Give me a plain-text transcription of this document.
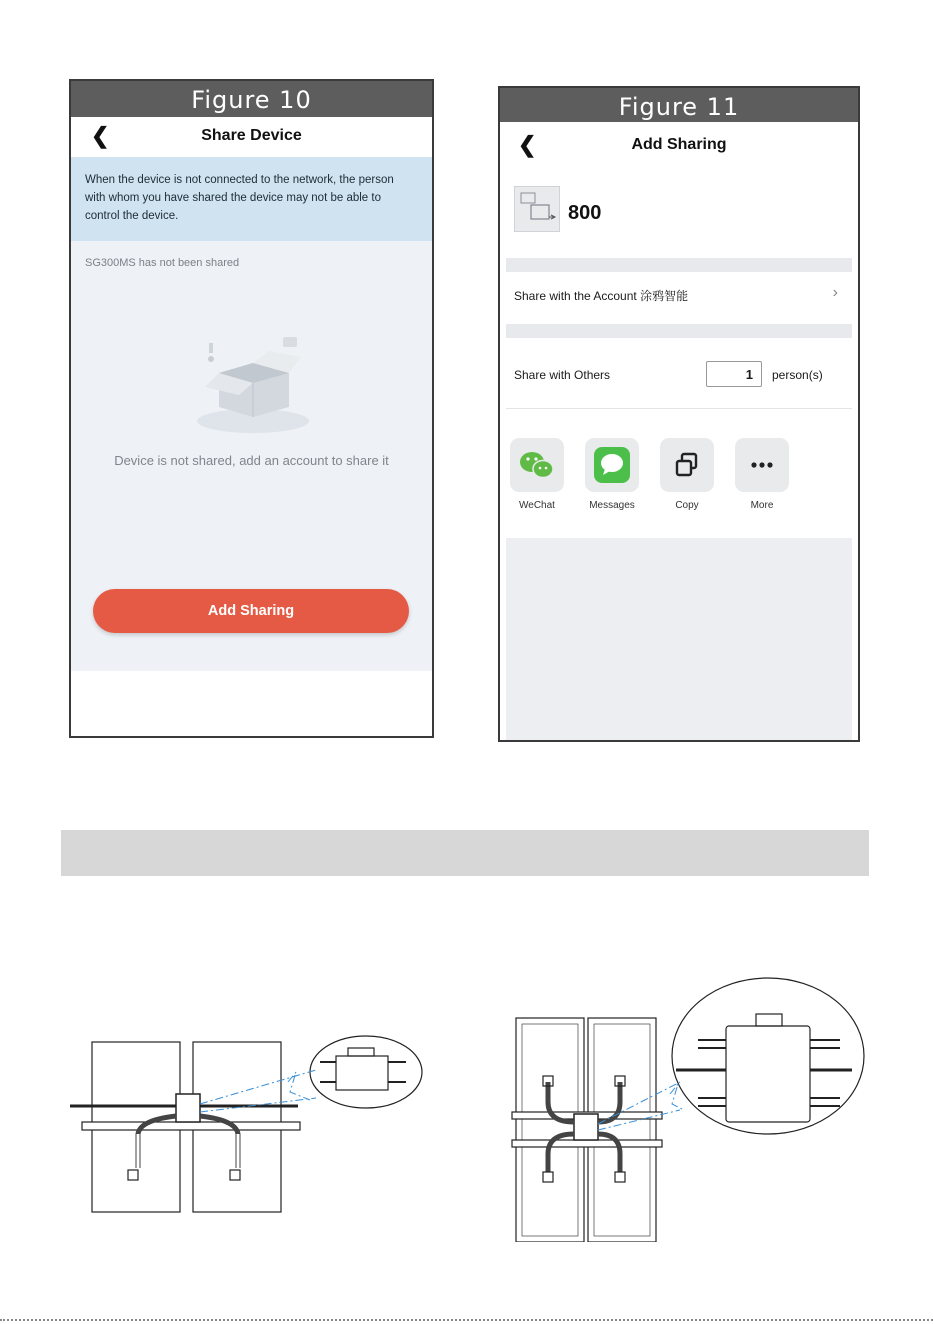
Figure 10
❮	Share Device
When the device is not connected to the network, the person with whom you have shared the device may not be able to control the device.
SG300MS has not been shared
Device is not shared, add an account to share it
Add Sharing
Figure 11
❮	Add Sharing
800
Share with the Account 涂鸦智能	›
Share with Others	1	person(s)
WeChat	Messages	Copy	More
